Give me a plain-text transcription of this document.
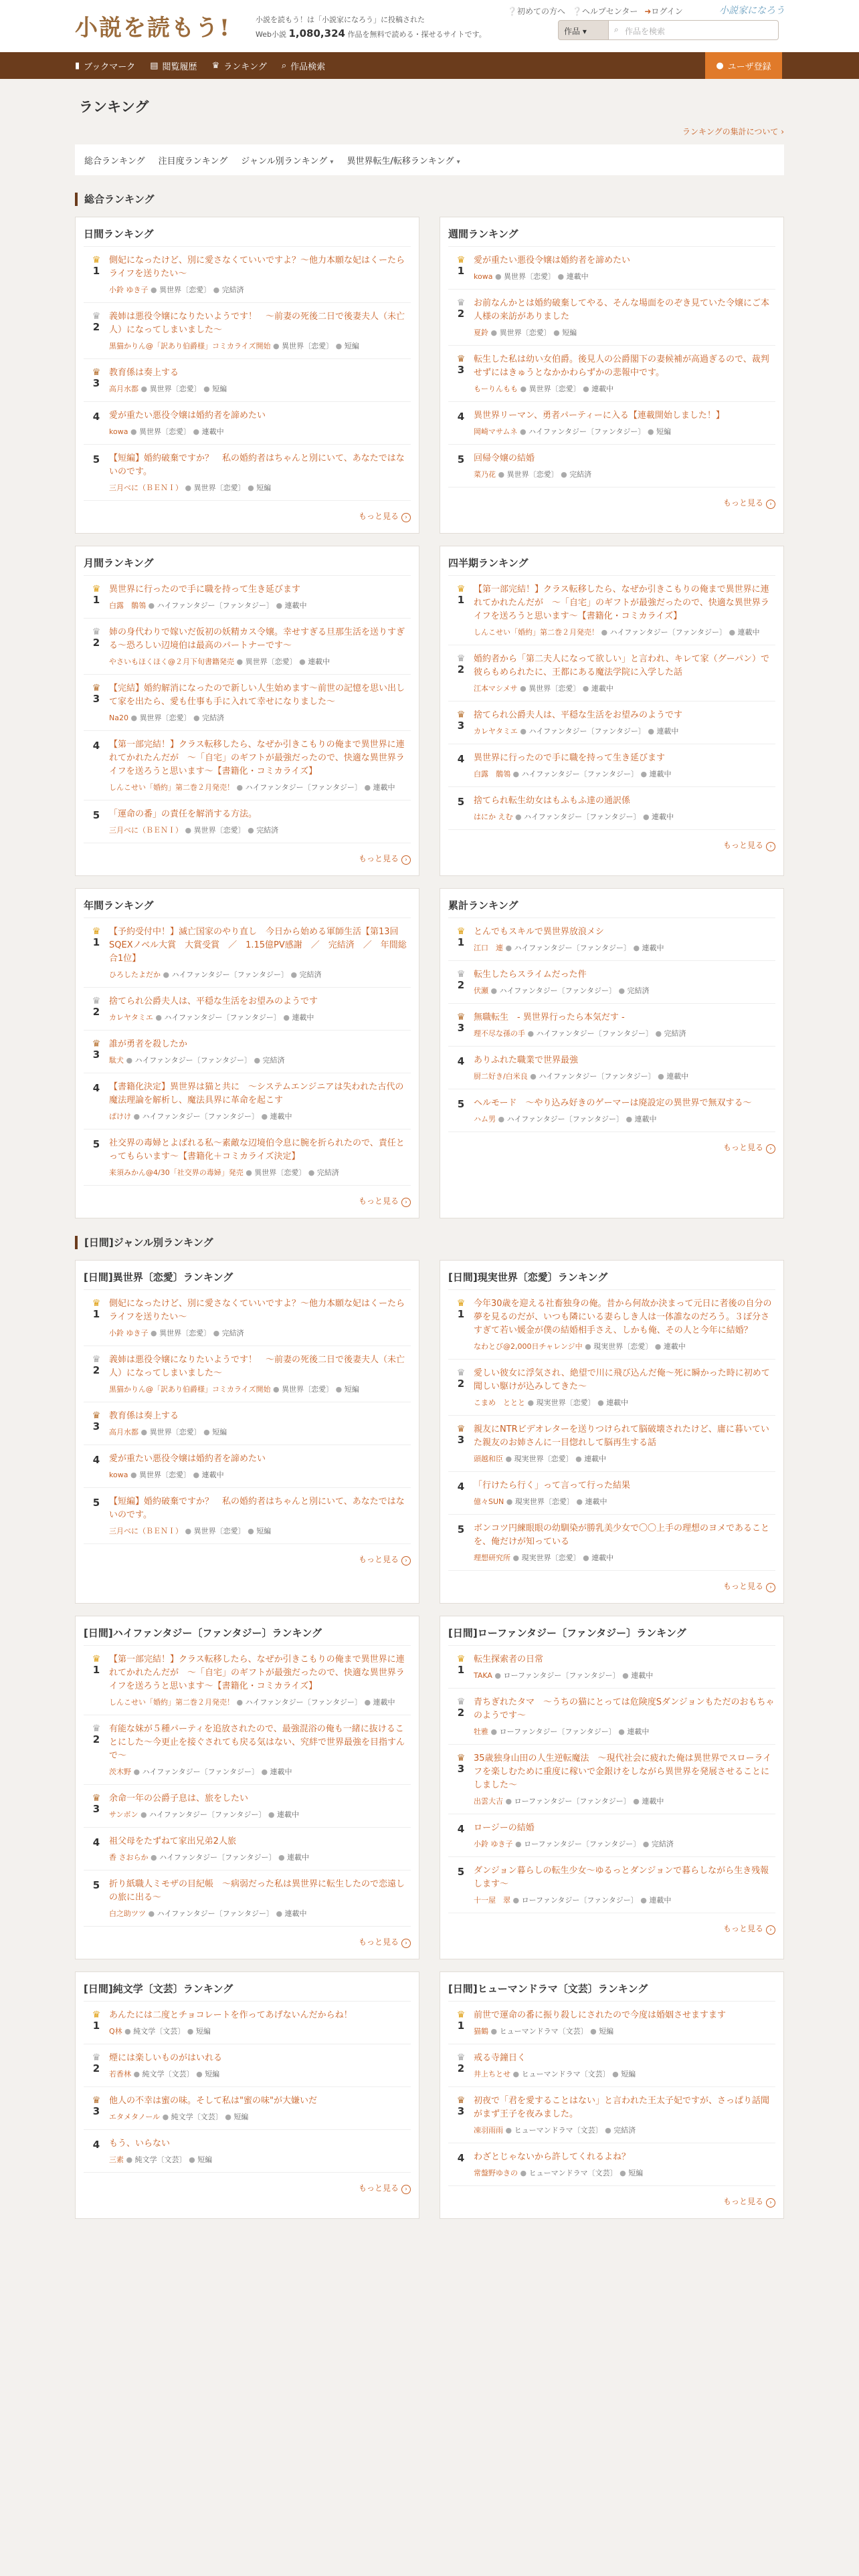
小説を読もう!	小説を読もう！は「小説家になろう」に投稿された
Web小説 1,080,324 作品を無料で読める・探せるサイトです。
❔初めての方へ ❔ヘルプセンター ➜ログイン	小説家になろう
作品 ▾	⌕ 作品を検索
▮ ブックマーク ▤ 閲覧履歴 ♛ ランキング ⌕ 作品検索	● ユーザ登録
ランキング
ランキングの集計について ›
総合ランキング 注目度ランキング ジャンル別ランキング ▾ 異世界転生/転移ランキング ▾
総合ランキング
日間ランキング
♛
1
側妃になったけど、別に愛さなくていいですよ？～他力本願な妃はくーたらライフを送りたい～
小鈴 ゆき子 ● 異世界〔恋愛〕 ● 完結済
♛
2
義姉は悪役令嬢になりたいようです！　～前妻の死後二日で後妻夫人（未亡人）になってしまいました～
黒猫かりん@「訳あり伯爵様」コミカライズ開始 ● 異世界〔恋愛〕 ● 短編
♛
3
教育係は奏上する
高月水都 ● 異世界〔恋愛〕 ● 短編
4	愛が重たい悪役令嬢は婚約者を諦めたい
kowa ● 異世界〔恋愛〕 ● 連載中
5	【短編】婚約破棄ですか？　私の婚約者はちゃんと別にいて、あなたではないのです。
三月べに（ＢＥＮＩ） ● 異世界〔恋愛〕 ● 短編
もっと見る ›
週間ランキング
♛
1
愛が重たい悪役令嬢は婚約者を諦めたい
kowa ● 異世界〔恋愛〕 ● 連載中
♛
2
お前なんかとは婚約破棄してやる、そんな場面をのぞき見ていた令嬢にご本人様の来訪がありました
夏鈴 ● 異世界〔恋愛〕 ● 短編
♛
3
転生した私は幼い女伯爵。後見人の公爵閣下の妻候補が高過ぎるので、裁判せずにはきゅうとなかかわらずかの悲報中です。
もーりんもも ● 異世界〔恋愛〕 ● 連載中
4	異世界リーマン、勇者パーティーに入る【連載開始しました！】
岡崎マサムネ ● ハイファンタジー〔ファンタジー〕 ● 短編
5	回帰令嬢の結婚
菜乃花 ● 異世界〔恋愛〕 ● 完結済
もっと見る ›
月間ランキング
♛
1
異世界に行ったので手に職を持って生き延びます
白露　鶺鴒 ● ハイファンタジー〔ファンタジー〕 ● 連載中
♛
2
姉の身代わりで嫁いだ仮初の妖精カス令嬢。幸せすぎる旦那生活を送りすぎる〜恐ろしい辺境伯は最高のパートナーです〜
やさいもほくほく@２月下旬書籍発売 ● 異世界〔恋愛〕 ● 連載中
♛
3
【完結】婚約解消になったので新しい人生始めます〜前世の記憶を思い出して家を出たら、愛も仕事も手に入れて幸せになりました〜
Na20 ● 異世界〔恋愛〕 ● 完結済
4	【第一部完結！】クラス転移したら、なぜか引きこもりの俺まで異世界に連れてかれたんだが　～「自宅」のギフトが最強だったので、快適な異世界ライフを送ろうと思います～【書籍化・コミカライズ】
しんこせい「婚約」第二巻２月発売！ ● ハイファンタジー〔ファンタジー〕 ● 連載中
5	「運命の番」の責任を解消する方法。
三月べに（ＢＥＮＩ） ● 異世界〔恋愛〕 ● 完結済
もっと見る ›
四半期ランキング
♛
1
【第一部完結！】クラス転移したら、なぜか引きこもりの俺まで異世界に連れてかれたんだが　～「自宅」のギフトが最強だったので、快適な異世界ライフを送ろうと思います～【書籍化・コミカライズ】
しんこせい「婚約」第二巻２月発売！ ● ハイファンタジー〔ファンタジー〕 ● 連載中
♛
2
婚約者から「第二夫人になって欲しい」と言われ、キレて家（グーパン）で彼らもめられたに、王都にある魔法学院に入学した話
江本マシメサ ● 異世界〔恋愛〕 ● 連載中
♛
3
捨てられ公爵夫人は、平穏な生活をお望みのようです
カレヤタミエ ● ハイファンタジー〔ファンタジー〕 ● 連載中
4	異世界に行ったので手に職を持って生き延びます
白露　鶺鴒 ● ハイファンタジー〔ファンタジー〕 ● 連載中
5	捨てられ転生幼女はもふもふ達の通訳係
はにか えむ ● ハイファンタジー〔ファンタジー〕 ● 連載中
もっと見る ›
年間ランキング
♛
1
【予約受付中！】滅亡国家のやり直し　今日から始める軍師生活【第13回SQEXノベル大賞　大賞受賞　／　1.15億PV感謝　／　完結済　／　年間総合1位】
ひろしたよだか ● ハイファンタジー〔ファンタジー〕 ● 完結済
♛
2
捨てられ公爵夫人は、平穏な生活をお望みのようです
カレヤタミエ ● ハイファンタジー〔ファンタジー〕 ● 連載中
♛
3
誰が勇者を殺したか
駄犬 ● ハイファンタジー〔ファンタジー〕 ● 完結済
4	【書籍化決定】異世界は猫と共に　～システムエンジニアは失われた古代の魔法理論を解析し、魔法具界に革命を起こす
ぱけけ ● ハイファンタジー〔ファンタジー〕 ● 連載中
5	社交界の毒婦とよばれる私〜素敵な辺境伯令息に腕を折られたので、責任とってもらいます〜【書籍化＋コミカライズ決定】
来須みかん@4/30「社交界の毒婦」発売 ● 異世界〔恋愛〕 ● 完結済
もっと見る ›
累計ランキング
♛
1
とんでもスキルで異世界放浪メシ
江口　連 ● ハイファンタジー〔ファンタジー〕 ● 連載中
♛
2
転生したらスライムだった件
伏瀬 ● ハイファンタジー〔ファンタジー〕 ● 完結済
♛
3
無職転生　- 異世界行ったら本気だす -
理不尽な孫の手 ● ハイファンタジー〔ファンタジー〕 ● 完結済
4	ありふれた職業で世界最強
厨二好き/白米良 ● ハイファンタジー〔ファンタジー〕 ● 連載中
5	ヘルモード　～やり込み好きのゲーマーは廃設定の異世界で無双する～
ハム男 ● ハイファンタジー〔ファンタジー〕 ● 連載中
もっと見る ›
[日間]ジャンル別ランキング
[日間]異世界〔恋愛〕ランキング
♛
1
側妃になったけど、別に愛さなくていいですよ？～他力本願な妃はくーたらライフを送りたい～
小鈴 ゆき子 ● 異世界〔恋愛〕 ● 完結済
♛
2
義姉は悪役令嬢になりたいようです！　～前妻の死後二日で後妻夫人（未亡人）になってしまいました～
黒猫かりん@「訳あり伯爵様」コミカライズ開始 ● 異世界〔恋愛〕 ● 短編
♛
3
教育係は奏上する
高月水都 ● 異世界〔恋愛〕 ● 短編
4	愛が重たい悪役令嬢は婚約者を諦めたい
kowa ● 異世界〔恋愛〕 ● 連載中
5	【短編】婚約破棄ですか？　私の婚約者はちゃんと別にいて、あなたではないのです。
三月べに（ＢＥＮＩ） ● 異世界〔恋愛〕 ● 短編
もっと見る ›
[日間]現実世界〔恋愛〕ランキング
♛
1
今年30歳を迎える社畜独身の俺。昔から何故か決まって元日に者後の自分の夢を見るのだが、いつも隣にいる妻らしき人は一体誰なのだろう。３ぽ分さすぎて若い媛金が僕の結婚相手さえ、しかも俺、その人と今年に結婚？
なわとび@2,000日チャレンジ中 ● 現実世界〔恋愛〕 ● 連載中
♛
2
愛しい彼女に浮気され、絶望で川に飛び込んだ俺〜死に瞬かった時に初めて聞しい駆けが込みしてきた〜
こまめ　ととと ● 現実世界〔恋愛〕 ● 連載中
♛
3
親友にNTRビデオレターを送りつけられて脳破壊されたけど、庸に暮いていた親友のお姉さんに一目惚れして脳再生する話
頭越和臣 ● 現実世界〔恋愛〕 ● 連載中
4	「行けたら行く」って言って行った結果
億々SUN ● 現実世界〔恋愛〕 ● 連載中
5	ボンコツ円練眼眼の幼馴染が勝乳美少女で〇〇上手の理想のヨメであることを、俺だけが知っている
理想研究所 ● 現実世界〔恋愛〕 ● 連載中
もっと見る ›
[日間]ハイファンタジー〔ファンタジー〕ランキング
♛
1
【第一部完結！】クラス転移したら、なぜか引きこもりの俺まで異世界に連れてかれたんだが　～「自宅」のギフトが最強だったので、快適な異世界ライフを送ろうと思います～【書籍化・コミカライズ】
しんこせい「婚約」第二巻２月発売！ ● ハイファンタジー〔ファンタジー〕 ● 連載中
♛
2
有能な妹が５種パーティを追放されたので、最強混浴の俺も一緒に抜けることにした〜今更止を接ぐされても戻る気はない、究絆で世界最強を目指すんで〜
茨木野 ● ハイファンタジー〔ファンタジー〕 ● 連載中
♛
3
余命一年の公爵子息は、旅をしたい
サンボン ● ハイファンタジー〔ファンタジー〕 ● 連載中
4	祖父母をたずねて家出兄弟2人旅
香 さおらか ● ハイファンタジー〔ファンタジー〕 ● 連載中
5	折り紙職人ミモザの目紀帳　〜病弱だった私は異世界に転生したので恋遠しの旅に出る〜
白之助ツツ ● ハイファンタジー〔ファンタジー〕 ● 連載中
もっと見る ›
[日間]ローファンタジー〔ファンタジー〕ランキング
♛
1
転生探索者の日常
TAKA ● ローファンタジー〔ファンタジー〕 ● 連載中
♛
2
青ちぎれたタマ　〜うちの猫にとっては危険度Sダンジョンもただのおもちゃのようです〜
牡雅 ● ローファンタジー〔ファンタジー〕 ● 連載中
♛
3
35歳独身山田の人生逆転魔法　〜現代社会に疲れた俺は異世界でスローライフを楽しむために重度に稼いで金銀けをしながら異世界を発展させることにしました〜
出雲大吉 ● ローファンタジー〔ファンタジー〕 ● 連載中
4	ロージーの結婚
小鈴 ゆき子 ● ローファンタジー〔ファンタジー〕 ● 完結済
5	ダンジョン暮らしの転生少女〜ゆるっとダンジョンで暮らしながら生き残報します〜
十一屋　翠 ● ローファンタジー〔ファンタジー〕 ● 連載中
もっと見る ›
[日間]純文学〔文芸〕ランキング
♛
1
あんたには二度とチョコレートを作ってあげないんだからね！
Q林 ● 純文学〔文芸〕 ● 短編
♛
2
煙には楽しいものがはいれる
若香林 ● 純文学〔文芸〕 ● 短編
♛
3
他人の不幸は蜜の味。そして私は"蜜の味"が大嫌いだ
エタメタノール ● 純文学〔文芸〕 ● 短編
4	もう、いらない
三素 ● 純文学〔文芸〕 ● 短編
もっと見る ›
[日間]ヒューマンドラマ〔文芸〕ランキング
♛
1
前世で運命の番に振り殺しにされたので今度は婚姻させますます
猫鶴 ● ヒューマンドラマ〔文芸〕 ● 短編
♛
2
戒る寺鐘日く
井上ちとせ ● ヒューマンドラマ〔文芸〕 ● 短編
♛
3
初夜で「君を愛することはない」と言われた王太子妃ですが、さっぱり話聞がまず王子を夜みました。
凍羽雨雨 ● ヒューマンドラマ〔文芸〕 ● 完結済
4	わざとじゃないから許してくれるよね？
常盤野ゆきの ● ヒューマンドラマ〔文芸〕 ● 短編
もっと見る ›
